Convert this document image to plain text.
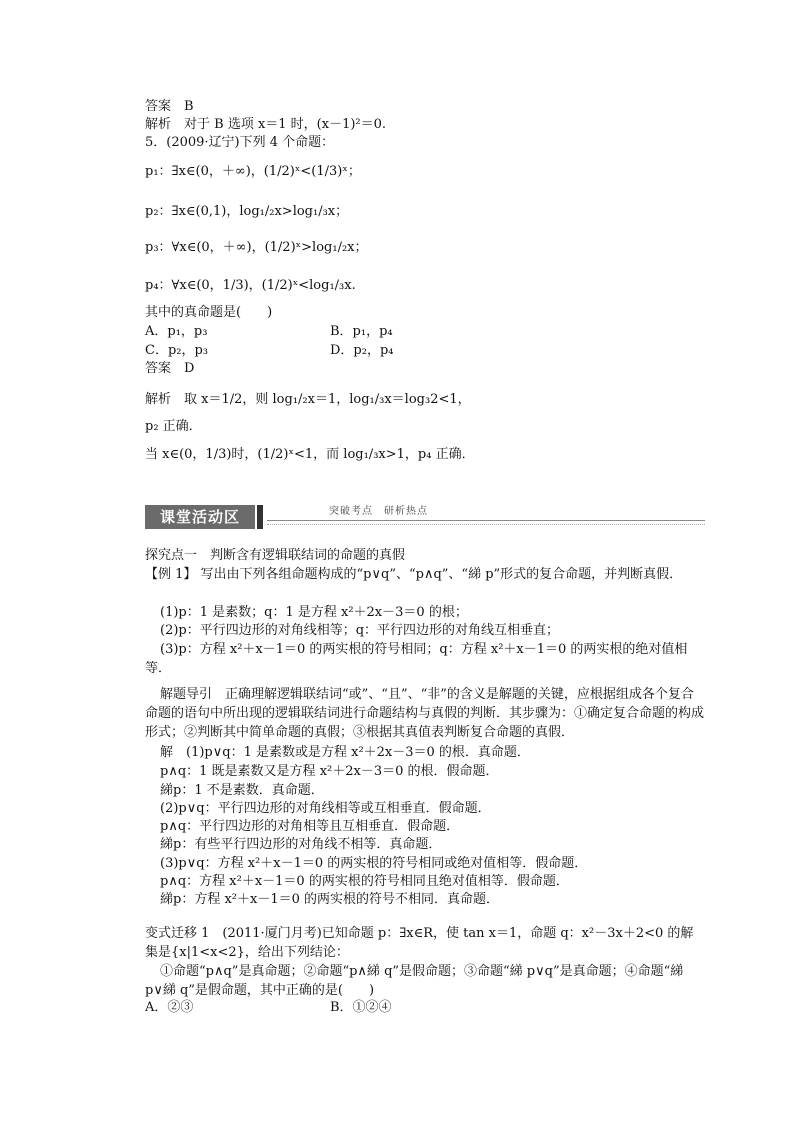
答案　B
解析　对于 B 选项 x＝1 时，(x－1)²＝0.
5．(2009·辽宁)下列 4 个命题：
p₁：∃x∈(0，＋∞)，(1/2)ˣ<(1/3)ˣ；
p₂：∃x∈(0,1)，log₁/₂x>log₁/₃x；
p₃：∀x∈(0，＋∞)，(1/2)ˣ>log₁/₂x；
p₄：∀x∈(0，1/3)，(1/2)ˣ<log₁/₃x.
其中的真命题是(　　)
A．p₁，p₃	B．p₁，p₄
C．p₂，p₃	D．p₂，p₄
答案　D
解析　取 x＝1/2，则 log₁/₂x＝1，log₁/₃x＝log₃2<1，
p₂ 正确．
当 x∈(0，1/3)时，(1/2)ˣ<1，而 log₁/₃x>1，p₄ 正确．
课堂活动区	突破考点　研析热点
探究点一　判断含有逻辑联结词的命题的真假
【例 1】 写出由下列各组命题构成的“p∨q”、“p∧q”、“綈 p”形式的复合命题，并判断真假．
(1)p：1 是素数；q：1 是方程 x²＋2x－3＝0 的根；
(2)p：平行四边形的对角线相等；q：平行四边形的对角线互相垂直；
(3)p：方程 x²＋x－1＝0 的两实根的符号相同；q：方程 x²＋x－1＝0 的两实根的绝对值相等．
解题导引　正确理解逻辑联结词“或”、“且”、“非”的含义是解题的关键，应根据组成各个复合命题的语句中所出现的逻辑联结词进行命题结构与真假的判断．其步骤为：①确定复合命题的构成形式；②判断其中简单命题的真假；③根据其真值表判断复合命题的真假．
解　(1)p∨q：1 是素数或是方程 x²＋2x－3＝0 的根．真命题．
p∧q：1 既是素数又是方程 x²＋2x－3＝0 的根．假命题．
綈p：1 不是素数．真命题．
(2)p∨q：平行四边形的对角线相等或互相垂直．假命题．
p∧q：平行四边形的对角相等且互相垂直．假命题．
綈p：有些平行四边形的对角线不相等．真命题．
(3)p∨q：方程 x²＋x－1＝0 的两实根的符号相同或绝对值相等．假命题．
p∧q：方程 x²＋x－1＝0 的两实根的符号相同且绝对值相等．假命题．
綈p：方程 x²＋x－1＝0 的两实根的符号不相同．真命题．
变式迁移 1　(2011·厦门月考)已知命题 p：∃x∈R，使 tan x＝1，命题 q：x²－3x＋2<0 的解集是{x|1<x<2}，给出下列结论：
①命题“p∧q”是真命题；②命题“p∧綈 q”是假命题；③命题“綈 p∨q”是真命题；④命题“綈 p∨綈 q”是假命题，其中正确的是(　　)
A．②③	B．①②④
